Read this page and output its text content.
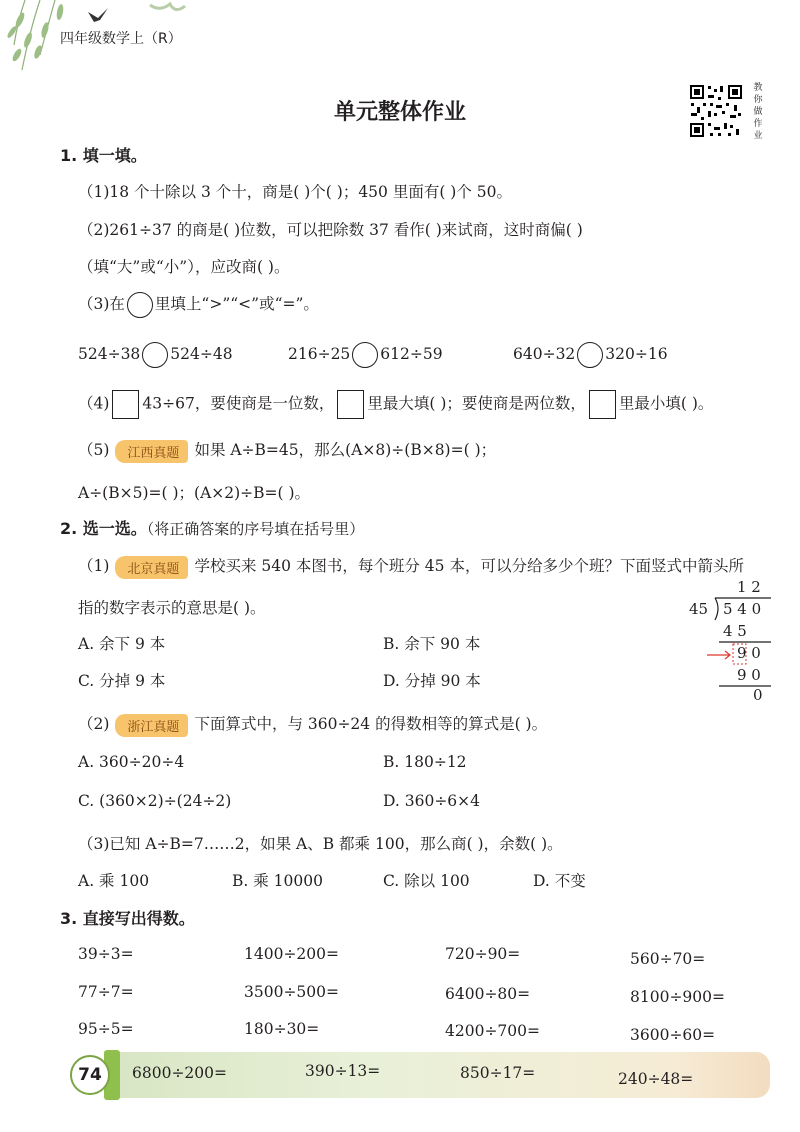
四年级数学上（R）
单元整体作业
教你做作业
1. 填一填。
（1)18 个十除以 3 个十，商是( )个( )；450 里面有( )个 50。
（2)261÷37 的商是( )位数，可以把除数 37 看作( )来试商，这时商偏( )
（填“大”或“小”），应改商( )。
（3)在 里填上“>”“<”或“=”。
524÷38 524÷48	216÷25 612÷59	640÷32 320÷16
（4) 43÷67，要使商是一位数， 里最大填( )；要使商是两位数， 里最小填( )。
（5) 江西真题 如果 A÷B=45，那么(A×8)÷(B×8)=( )；
A÷(B×5)=( )；(A×2)÷B=( )。
2. 选一选。（将正确答案的序号填在括号里）
（1) 北京真题 学校买来 540 本图书，每个班分 45 本，可以分给多少个班？下面竖式中箭头所
指的数字表示的意思是( )。
A. 余下 9 本	B. 余下 90 本
C. 分掉 9 本	D. 分掉 90 本
1 2
45 5 4 0
4 5
9 0
9 0
0
（2) 浙江真题 下面算式中，与 360÷24 的得数相等的算式是( )。
A. 360÷20÷4	B. 180÷12
C. (360×2)÷(24÷2)	D. 360÷6×4
（3)已知 A÷B=7……2，如果 A、B 都乘 100，那么商( )，余数( )。
A. 乘 100	B. 乘 10000	C. 除以 100	D. 不变
3. 直接写出得数。
39÷3=	1400÷200=	720÷90=	560÷70=
77÷7=	3500÷500=	6400÷80=	8100÷900=
95÷5=	180÷30=	4200÷700=	3600÷60=
74	6800÷200=	390÷13=	850÷17=	240÷48=
